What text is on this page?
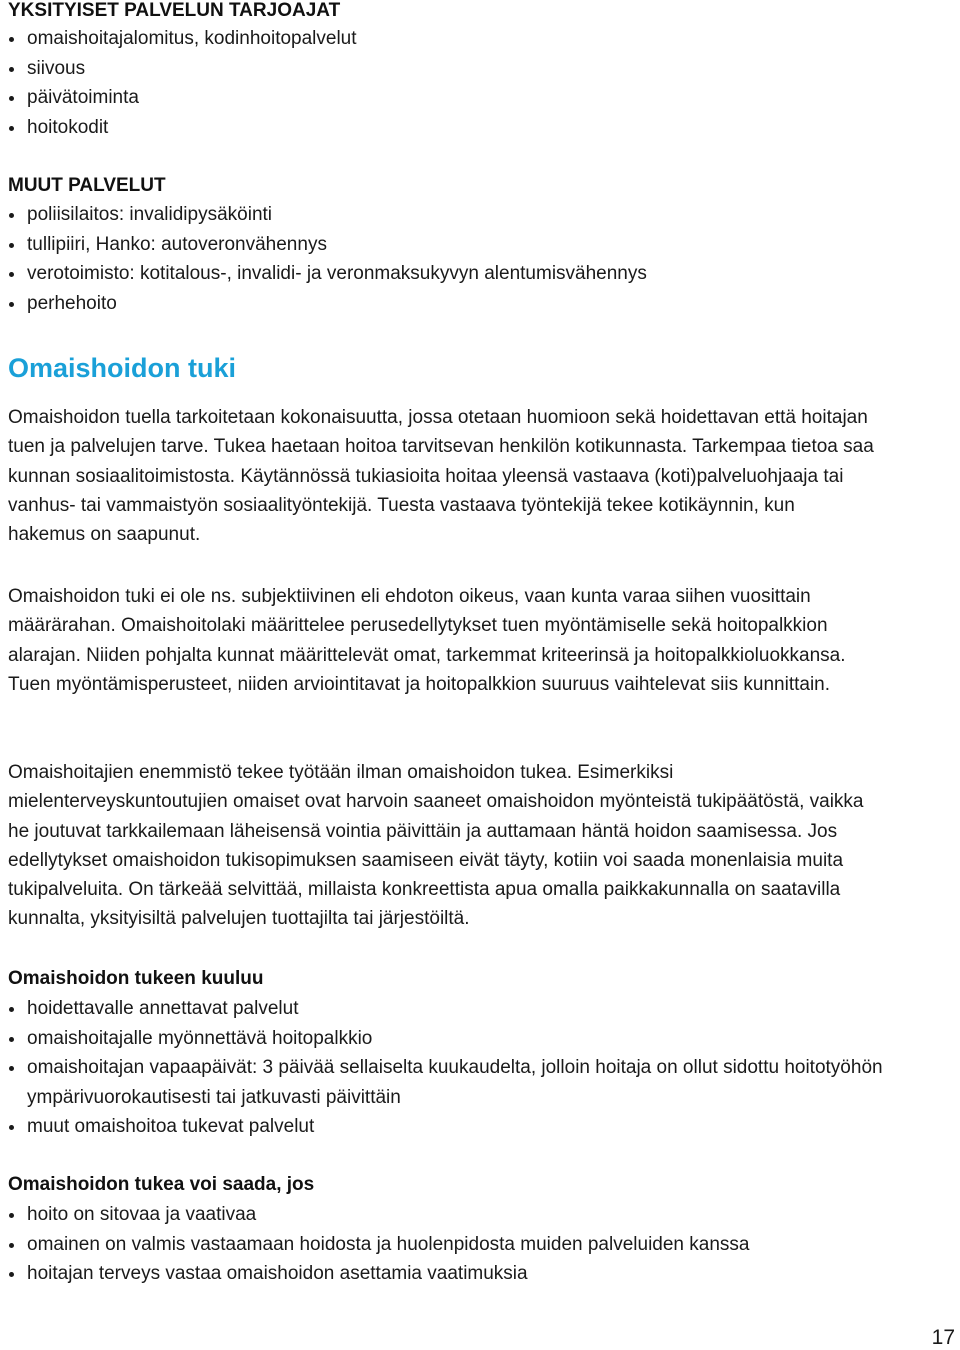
YKSITYISET PALVELUN TARJOAJAT
omaishoitajalomitus, kodinhoitopalvelut
siivous
päivätoiminta
hoitokodit
MUUT PALVELUT
poliisilaitos: invalidipysäköinti
tullipiiri, Hanko: autoveronvähennys
verotoimisto: kotitalous-, invalidi- ja veronmaksukyvyn alentumisvähennys
perhehoito
Omaishoidon tuki

Omaishoidon tuella tarkoitetaan kokonaisuutta, jossa otetaan huomioon sekä hoidettavan että hoitajan tuen ja palvelujen tarve. Tukea haetaan hoitoa tarvitsevan henkilön kotikunnasta. Tarkempaa tietoa saa kunnan sosiaalitoimistosta. Käytännössä tukiasioita hoitaa yleensä vastaava (koti)palveluohjaaja tai vanhus- tai vammaistyön sosiaalityöntekijä. Tuesta vastaava työntekijä tekee kotikäynnin, kun hakemus on saapunut.

Omaishoidon tuki ei ole ns. subjektiivinen eli ehdoton oikeus, vaan kunta varaa siihen vuosittain määrärahan. Omaishoitolaki määrittelee perusedellytykset tuen myöntämiselle sekä hoitopalkkion alarajan. Niiden pohjalta kunnat määrittelevät omat, tarkemmat kriteerinsä ja hoitopalkkioluokkansa. Tuen myöntämisperusteet, niiden arviointitavat ja hoitopalkkion suuruus vaihtelevat siis kunnittain.

Omaishoitajien enemmistö tekee työtään ilman omaishoidon tukea. Esimerkiksi mielenterveyskuntoutujien omaiset ovat harvoin saaneet omaishoidon myönteistä tukipäätöstä, vaikka he joutuvat tarkkailemaan läheisensä vointia päivittäin ja auttamaan häntä hoidon saamisessa. Jos edellytykset omaishoidon tukisopimuksen saamiseen eivät täyty, kotiin voi saada monenlaisia muita tukipalveluita. On tärkeää selvittää, millaista konkreettista apua omalla paikkakunnalla on saatavilla kunnalta, yksityisiltä palvelujen tuottajilta tai järjestöiltä.

Omaishoidon tukeen kuuluu
hoidettavalle annettavat palvelut
omaishoitajalle myönnettävä hoitopalkkio
omaishoitajan vapaapäivät: 3 päivää sellaiselta kuukaudelta, jolloin hoitaja on ollut sidottu hoitotyöhön ympärivuorokautisesti tai jatkuvasti päivittäin
muut omaishoitoa tukevat palvelut
Omaishoidon tukea voi saada, jos
hoito on sitovaa ja vaativaa
omainen on valmis vastaamaan hoidosta ja huolenpidosta muiden palveluiden kanssa
hoitajan terveys vastaa omaishoidon asettamia vaatimuksia
17
